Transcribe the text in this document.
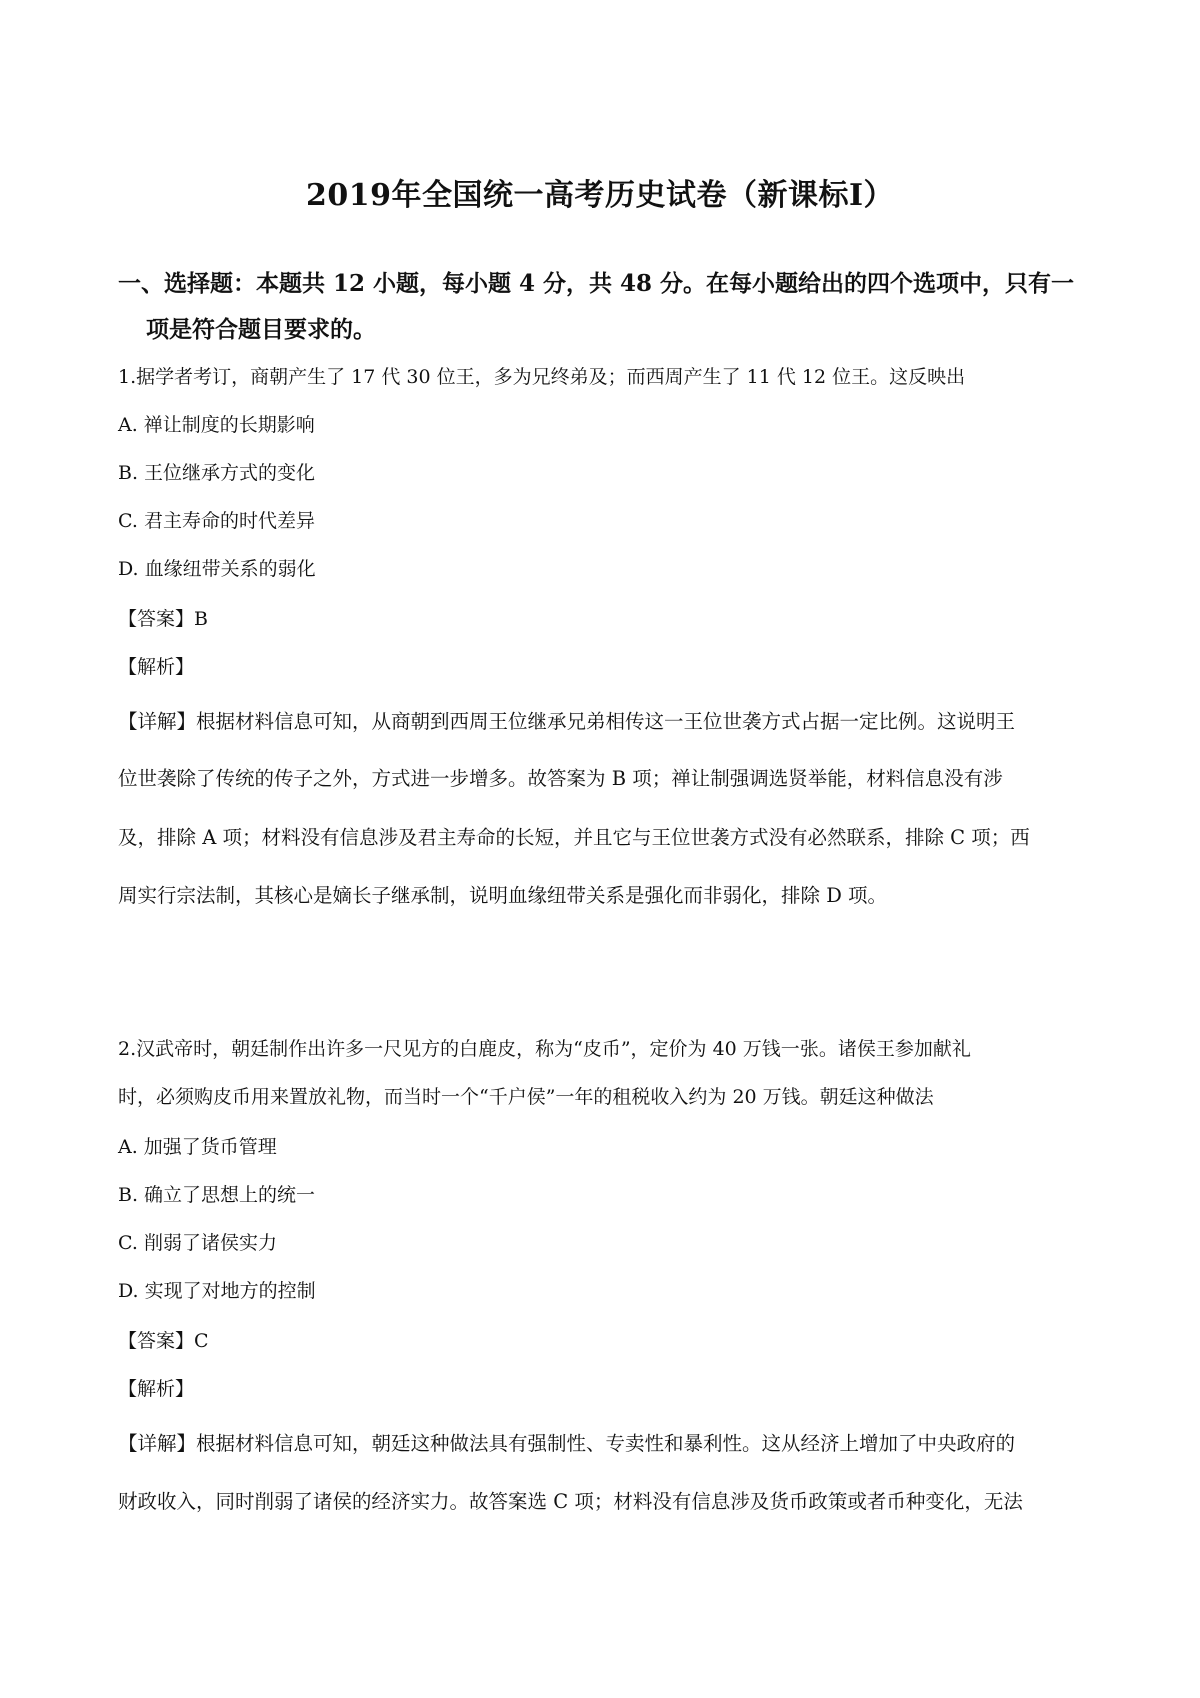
2019年全国统一高考历史试卷（新课标Ⅰ）
一、选择题：本题共 12 小题，每小题 4 分，共 48 分。在每小题给出的四个选项中，只有一
项是符合题目要求的。
1.据学者考订，商朝产生了 17 代 30 位王，多为兄终弟及；而西周产生了 11 代 12 位王。这反映出
A. 禅让制度的长期影响
B. 王位继承方式的变化
C. 君主寿命的时代差异
D. 血缘纽带关系的弱化
【答案】B
【解析】
【详解】根据材料信息可知，从商朝到西周王位继承兄弟相传这一王位世袭方式占据一定比例。这说明王
位世袭除了传统的传子之外，方式进一步增多。故答案为 B 项；禅让制强调选贤举能，材料信息没有涉
及，排除 A 项；材料没有信息涉及君主寿命的长短，并且它与王位世袭方式没有必然联系，排除 C 项；西
周实行宗法制，其核心是嫡长子继承制，说明血缘纽带关系是强化而非弱化，排除 D 项。
2.汉武帝时，朝廷制作出许多一尺见方的白鹿皮，称为“皮币”，定价为 40 万钱一张。诸侯王参加献礼
时，必须购皮币用来置放礼物，而当时一个“千户侯”一年的租税收入约为 20 万钱。朝廷这种做法
A. 加强了货币管理
B. 确立了思想上的统一
C. 削弱了诸侯实力
D. 实现了对地方的控制
【答案】C
【解析】
【详解】根据材料信息可知，朝廷这种做法具有强制性、专卖性和暴利性。这从经济上增加了中央政府的
财政收入，同时削弱了诸侯的经济实力。故答案选 C 项；材料没有信息涉及货币政策或者币种变化，无法
